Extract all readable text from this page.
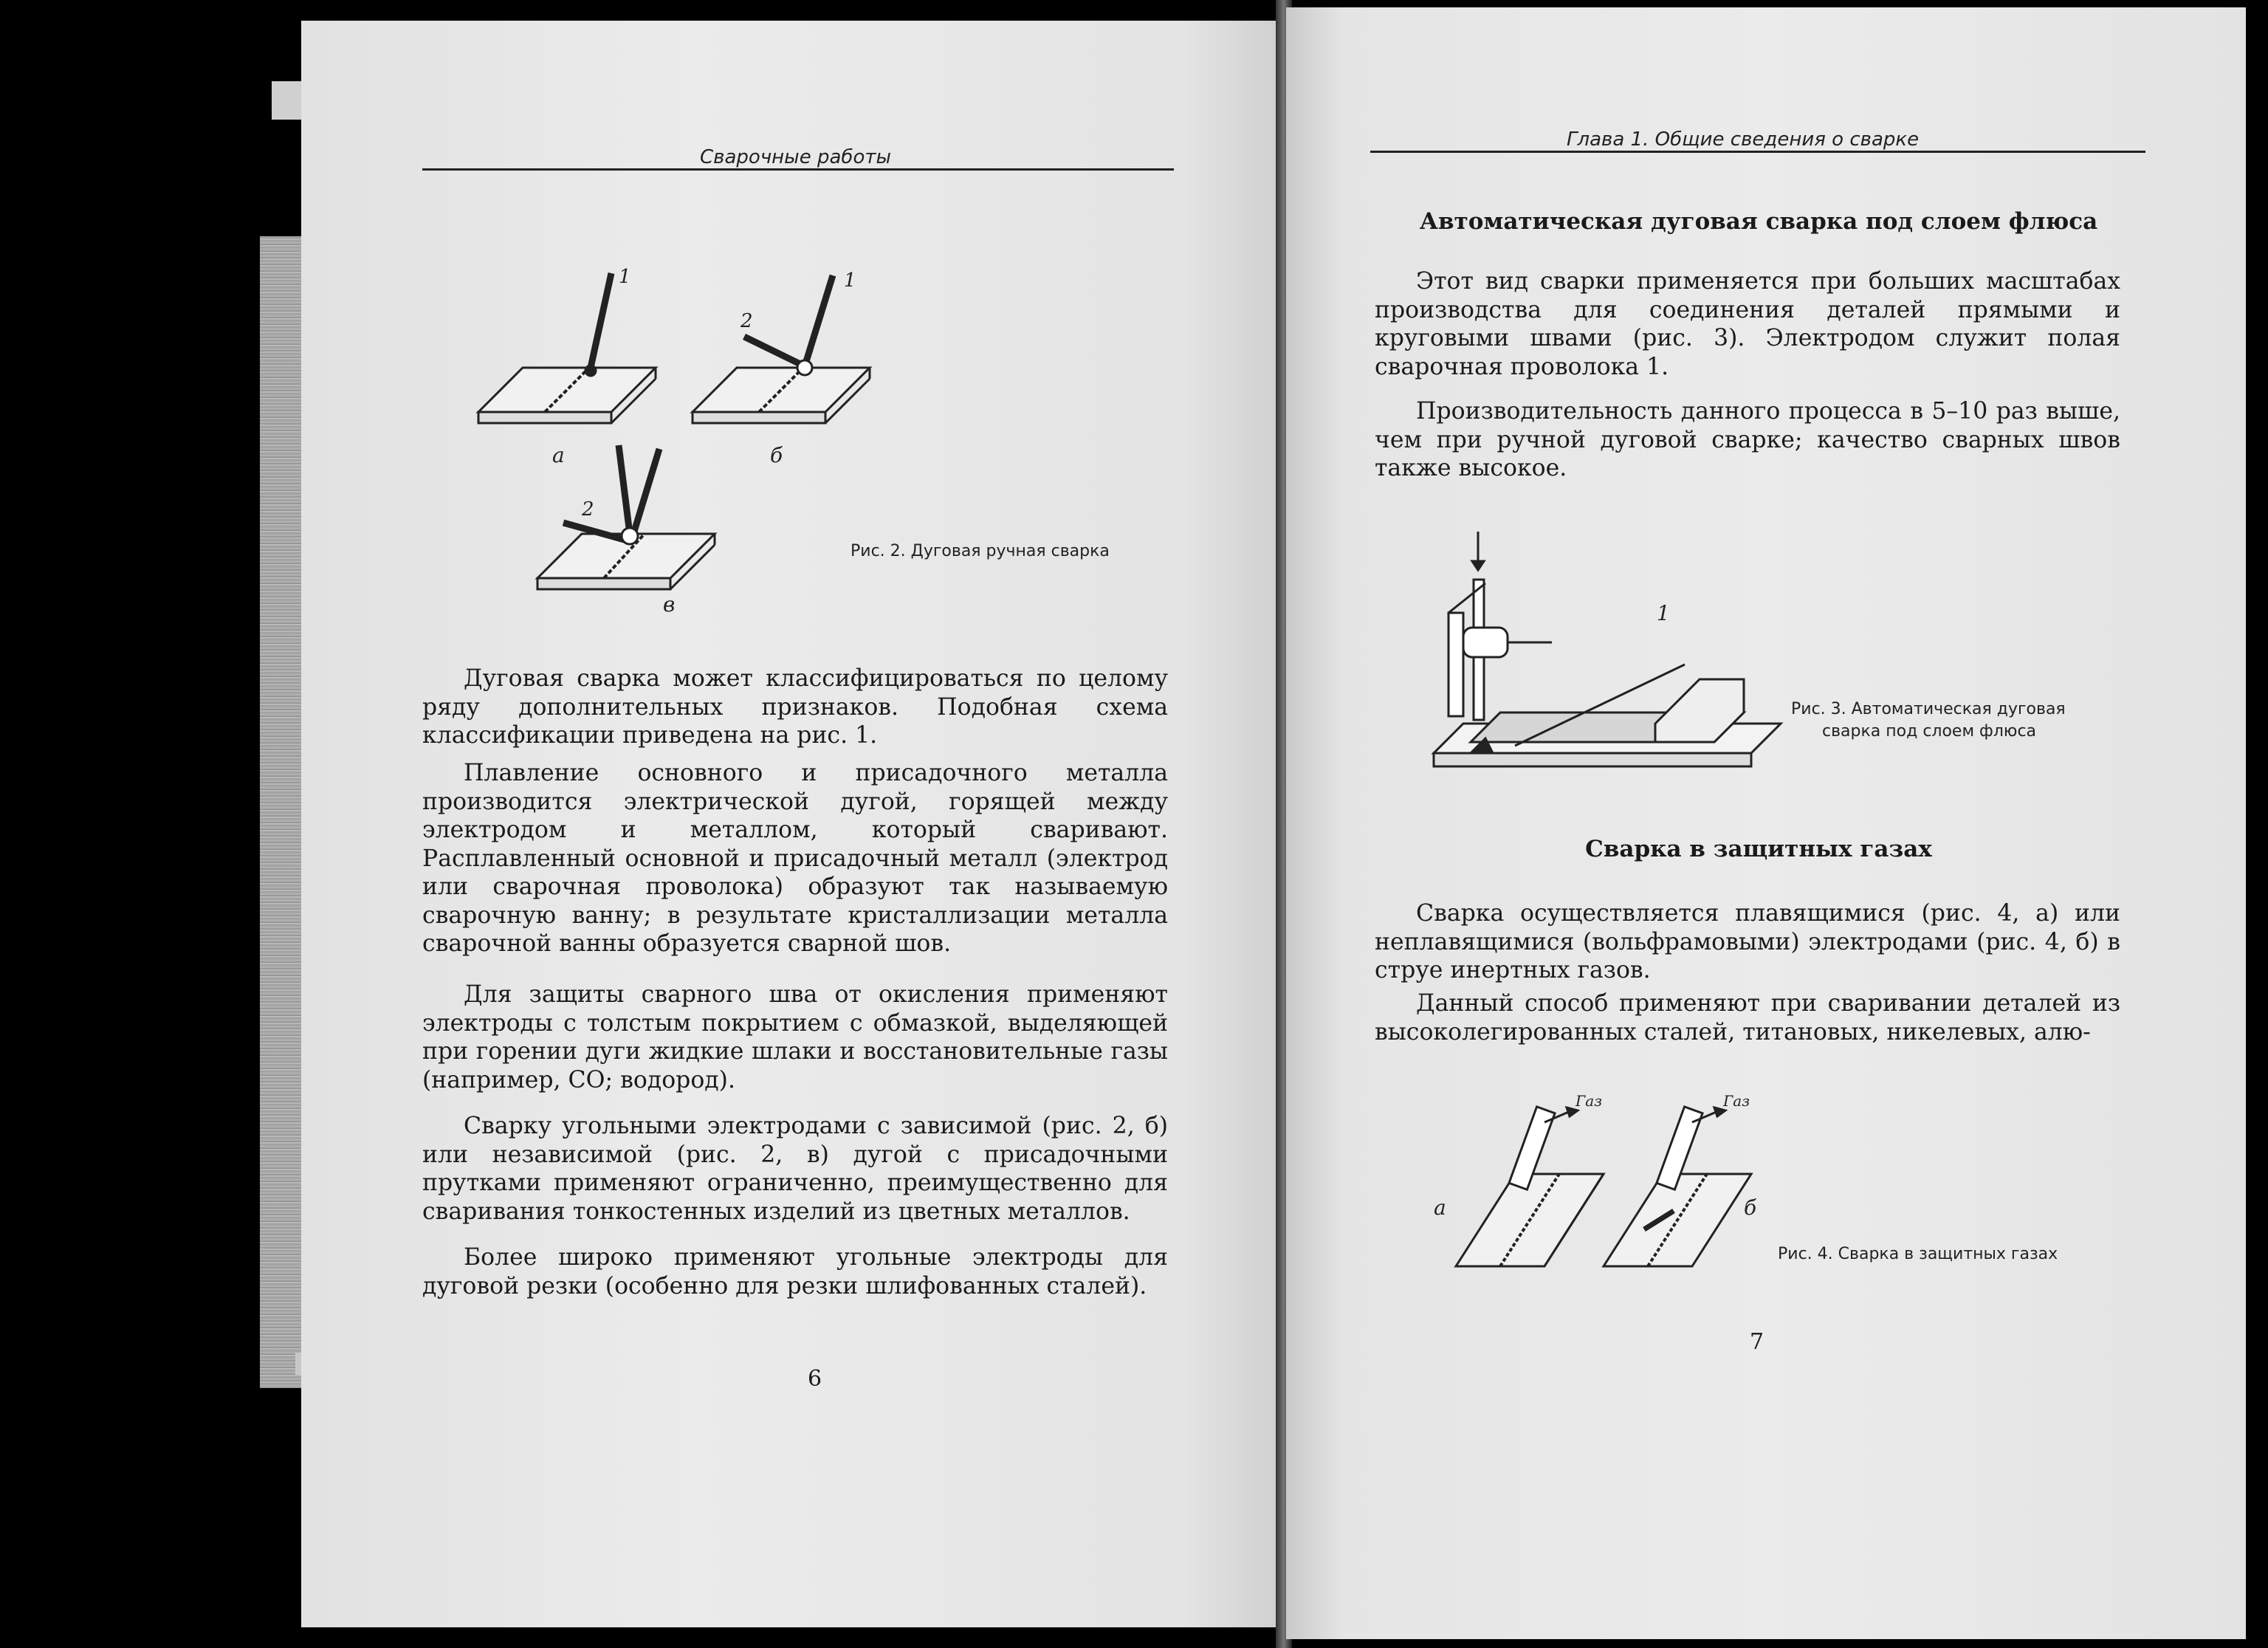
Сварочные работы
1	1
2
2
а	б
в
Рис. 2. Дуговая ручная сварка

Дуговая сварка может классифицироваться по целому ряду дополнительных признаков. Подобная схема классификации приведена на рис. 1.

Плавление основного и присадочного металла производится электрической дугой, горящей между электродом и металлом, который сваривают. Расплавленный основной и присадочный металл (электрод или сварочная проволока) образуют так называемую сварочную ванну; в результате кристаллизации металла сварочной ванны образуется сварной шов.

Для защиты сварного шва от окисления применяют электроды с толстым покрытием с обмазкой, выделяющей при горении дуги жидкие шлаки и восстановительные газы (например, CO; водород).

Сварку угольными электродами с зависимой (рис. 2, б) или независимой (рис. 2, в) дугой с присадочными прутками применяют ограниченно, преимущественно для сваривания тонкостенных изделий из цветных металлов.

Более широко применяют угольные электроды для дуговой резки (особенно для резки шлифованных сталей).

6
Глава 1. Общие сведения о сварке

Автоматическая дуговая сварка под слоем флюса

Этот вид сварки применяется при больших масштабах производства для соединения деталей прямыми и круговыми швами (рис. 3). Электродом служит полая сварочная проволока 1.

Производительность данного процесса в 5–10 раз выше, чем при ручной дуговой сварке; качество сварных швов также высокое.

1
Рис. 3. Автоматическая дуговая
сварка под слоем флюса

Сварка в защитных газах

Сварка осуществляется плавящимися (рис. 4, а) или неплавящимися (вольфрамовыми) электродами (рис. 4, б) в струе инертных газов.

Данный способ применяют при сваривании деталей из высоколегированных сталей, титановых, никелевых, алю-

Газ	Газ
а	б
Рис. 4. Сварка в защитных газах
7
